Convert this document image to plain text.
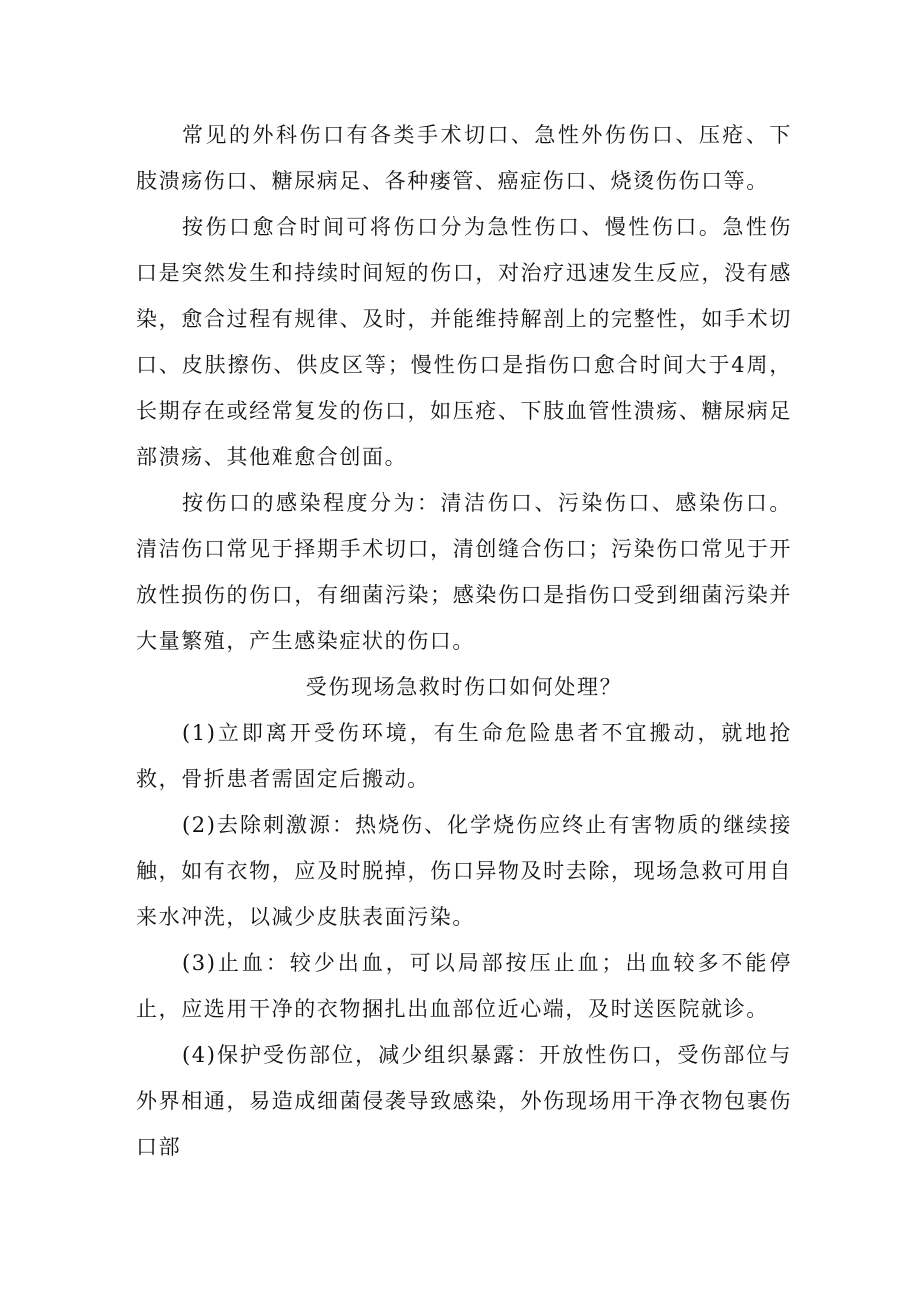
常见的外科伤口有各类手术切口、急性外伤伤口、压疮、下肢溃疡伤口、糖尿病足、各种瘘管、癌症伤口、烧烫伤伤口等。

按伤口愈合时间可将伤口分为急性伤口、慢性伤口。急性伤口是突然发生和持续时间短的伤口，对治疗迅速发生反应，没有感染，愈合过程有规律、及时，并能维持解剖上的完整性，如手术切口、皮肤擦伤、供皮区等；慢性伤口是指伤口愈合时间大于4周，长期存在或经常复发的伤口，如压疮、下肢血管性溃疡、糖尿病足部溃疡、其他难愈合创面。

按伤口的感染程度分为：清洁伤口、污染伤口、感染伤口。清洁伤口常见于择期手术切口，清创缝合伤口；污染伤口常见于开放性损伤的伤口，有细菌污染；感染伤口是指伤口受到细菌污染并大量繁殖，产生感染症状的伤口。

受伤现场急救时伤口如何处理？

(1)立即离开受伤环境，有生命危险患者不宜搬动，就地抢救，骨折患者需固定后搬动。

(2)去除刺激源：热烧伤、化学烧伤应终止有害物质的继续接触，如有衣物，应及时脱掉，伤口异物及时去除，现场急救可用自来水冲洗，以减少皮肤表面污染。

(3)止血：较少出血，可以局部按压止血；出血较多不能停止，应选用干净的衣物捆扎出血部位近心端，及时送医院就诊。

(4)保护受伤部位，减少组织暴露：开放性伤口，受伤部位与外界相通，易造成细菌侵袭导致感染，外伤现场用干净衣物包裹伤口部
